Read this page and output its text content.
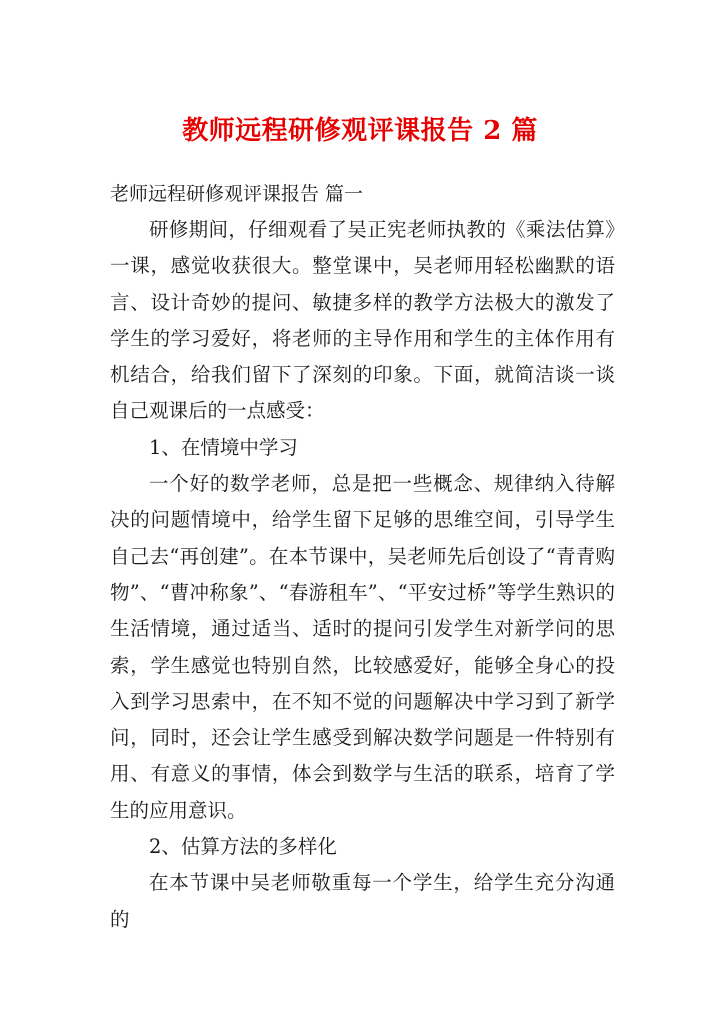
教师远程研修观评课报告 2 篇
老师远程研修观评课报告 篇一

研修期间，仔细观看了吴正宪老师执教的《乘法估算》一课，感觉收获很大。整堂课中，吴老师用轻松幽默的语言、设计奇妙的提问、敏捷多样的教学方法极大的激发了学生的学习爱好，将老师的主导作用和学生的主体作用有机结合，给我们留下了深刻的印象。下面，就简洁谈一谈自己观课后的一点感受：

1、在情境中学习

一个好的数学老师，总是把一些概念、规律纳入待解决的问题情境中，给学生留下足够的思维空间，引导学生自己去“再创建”。在本节课中，吴老师先后创设了“青青购物”、“曹冲称象”、“春游租车”、“平安过桥”等学生熟识的生活情境，通过适当、适时的提问引发学生对新学问的思索，学生感觉也特别自然，比较感爱好，能够全身心的投入到学习思索中，在不知不觉的问题解决中学习到了新学问，同时，还会让学生感受到解决数学问题是一件特别有用、有意义的事情，体会到数学与生活的联系，培育了学生的应用意识。

2、估算方法的多样化

在本节课中吴老师敬重每一个学生，给学生充分沟通的
